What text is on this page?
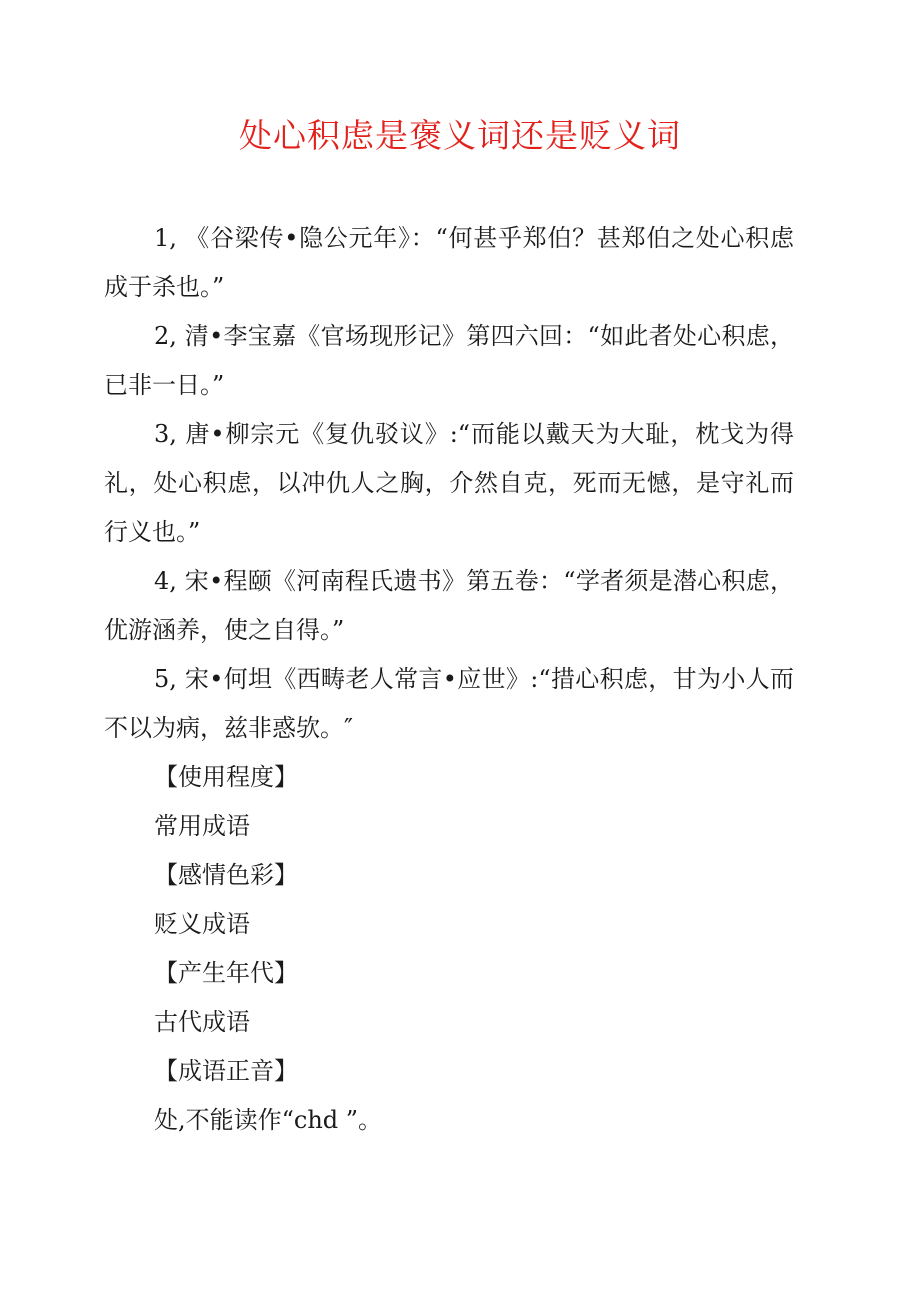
处心积虑是褒义词还是贬义词

1, 《谷梁传•隐公元年》：“何甚乎郑伯？甚郑伯之处心积虑成于杀也。”

2, 清•李宝嘉《官场现形记》第四六回：“如此者处心积虑，已非一日。”

3, 唐•柳宗元《复仇驳议》:“而能以戴天为大耻，枕戈为得礼，处心积虑，以冲仇人之胸，介然自克，死而无憾，是守礼而行义也。”

4, 宋•程颐《河南程氏遗书》第五卷：“学者须是潜心积虑，优游涵养，使之自得。”

5, 宋•何坦《西畴老人常言•应世》:“措心积虑，甘为小人而不以为病，兹非惑欤。″

【使用程度】

常用成语

【感情色彩】

贬义成语

【产生年代】

古代成语

【成语正音】

处,不能读作“chd ”。
